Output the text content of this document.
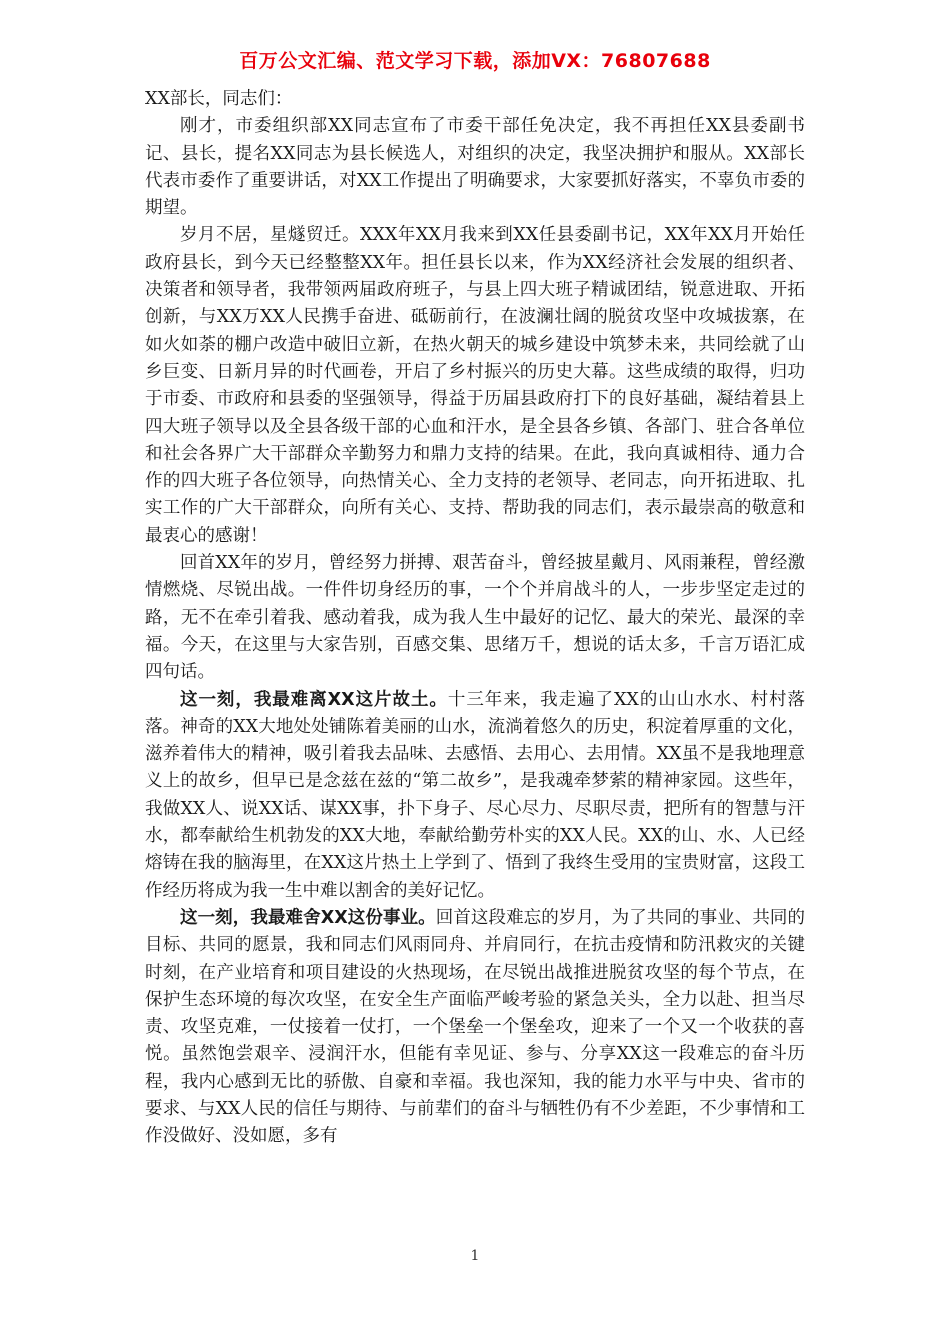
百万公文汇编、范文学习下载，添加VX：76807688

XX部长，同志们：

刚才，市委组织部XX同志宣布了市委干部任免决定，我不再担任XX县委副书记、县长，提名XX同志为县长候选人，对组织的决定，我坚决拥护和服从。XX部长代表市委作了重要讲话，对XX工作提出了明确要求，大家要抓好落实，不辜负市委的期望。

岁月不居，星燧贸迁。XXX年XX月我来到XX任县委副书记，XX年XX月开始任政府县长，到今天已经整整XX年。担任县长以来，作为XX经济社会发展的组织者、决策者和领导者，我带领两届政府班子，与县上四大班子精诚团结，锐意进取、开拓创新，与XX万XX人民携手奋进、砥砺前行，在波澜壮阔的脱贫攻坚中攻城拔寨，在如火如荼的棚户改造中破旧立新，在热火朝天的城乡建设中筑梦未来，共同绘就了山乡巨变、日新月异的时代画卷，开启了乡村振兴的历史大幕。这些成绩的取得，归功于市委、市政府和县委的坚强领导，得益于历届县政府打下的良好基础，凝结着县上四大班子领导以及全县各级干部的心血和汗水，是全县各乡镇、各部门、驻合各单位和社会各界广大干部群众辛勤努力和鼎力支持的结果。在此，我向真诚相待、通力合作的四大班子各位领导，向热情关心、全力支持的老领导、老同志，向开拓进取、扎实工作的广大干部群众，向所有关心、支持、帮助我的同志们，表示最崇高的敬意和最衷心的感谢！

回首XX年的岁月，曾经努力拼搏、艰苦奋斗，曾经披星戴月、风雨兼程，曾经激情燃烧、尽锐出战。一件件切身经历的事，一个个并肩战斗的人，一步步坚定走过的路，无不在牵引着我、感动着我，成为我人生中最好的记忆、最大的荣光、最深的幸福。今天，在这里与大家告别，百感交集、思绪万千，想说的话太多，千言万语汇成四句话。

这一刻，我最难离XX这片故土。十三年来，我走遍了XX的山山水水、村村落落。神奇的XX大地处处铺陈着美丽的山水，流淌着悠久的历史，积淀着厚重的文化，滋养着伟大的精神，吸引着我去品味、去感悟、去用心、去用情。XX虽不是我地理意义上的故乡，但早已是念兹在兹的“第二故乡”，是我魂牵梦萦的精神家园。这些年，我做XX人、说XX话、谋XX事，扑下身子、尽心尽力、尽职尽责，把所有的智慧与汗水，都奉献给生机勃发的XX大地，奉献给勤劳朴实的XX人民。XX的山、水、人已经熔铸在我的脑海里，在XX这片热土上学到了、悟到了我终生受用的宝贵财富，这段工作经历将成为我一生中难以割舍的美好记忆。

这一刻，我最难舍XX这份事业。回首这段难忘的岁月，为了共同的事业、共同的目标、共同的愿景，我和同志们风雨同舟、并肩同行，在抗击疫情和防汛救灾的关键时刻，在产业培育和项目建设的火热现场，在尽锐出战推进脱贫攻坚的每个节点，在保护生态环境的每次攻坚，在安全生产面临严峻考验的紧急关头，全力以赴、担当尽责、攻坚克难，一仗接着一仗打，一个堡垒一个堡垒攻，迎来了一个又一个收获的喜悦。虽然饱尝艰辛、浸润汗水，但能有幸见证、参与、分享XX这一段难忘的奋斗历程，我内心感到无比的骄傲、自豪和幸福。我也深知，我的能力水平与中央、省市的要求、与XX人民的信任与期待、与前辈们的奋斗与牺牲仍有不少差距，不少事情和工作没做好、没如愿，多有

1
